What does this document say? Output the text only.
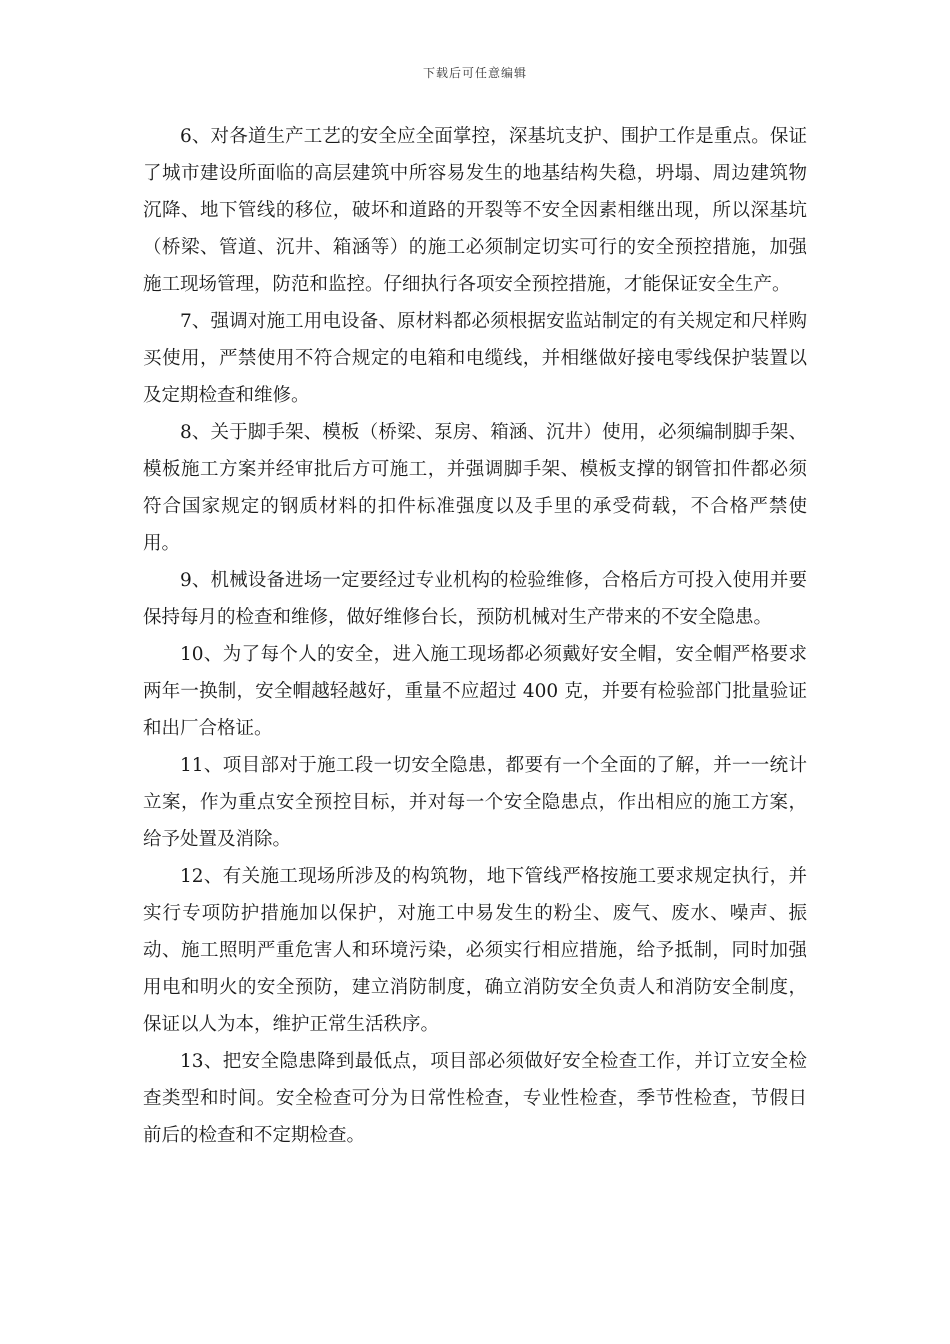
下载后可任意编辑

6、对各道生产工艺的安全应全面掌控，深基坑支护、围护工作是重点。保证了城市建设所面临的高层建筑中所容易发生的地基结构失稳，坍塌、周边建筑物沉降、地下管线的移位，破坏和道路的开裂等不安全因素相继出现，所以深基坑（桥梁、管道、沉井、箱涵等）的施工必须制定切实可行的安全预控措施，加强施工现场管理，防范和监控。仔细执行各项安全预控措施，才能保证安全生产。

7、强调对施工用电设备、原材料都必须根据安监站制定的有关规定和尺样购买使用，严禁使用不符合规定的电箱和电缆线，并相继做好接电零线保护装置以及定期检查和维修。

8、关于脚手架、模板（桥梁、泵房、箱涵、沉井）使用，必须编制脚手架、模板施工方案并经审批后方可施工，并强调脚手架、模板支撑的钢管扣件都必须符合国家规定的钢质材料的扣件标准强度以及手里的承受荷载，不合格严禁使用。

9、机械设备进场一定要经过专业机构的检验维修，合格后方可投入使用并要保持每月的检查和维修，做好维修台长，预防机械对生产带来的不安全隐患。

10、为了每个人的安全，进入施工现场都必须戴好安全帽，安全帽严格要求两年一换制，安全帽越轻越好，重量不应超过 400 克，并要有检验部门批量验证和出厂合格证。

11、项目部对于施工段一切安全隐患，都要有一个全面的了解，并一一统计立案，作为重点安全预控目标，并对每一个安全隐患点，作出相应的施工方案，给予处置及消除。

12、有关施工现场所涉及的构筑物，地下管线严格按施工要求规定执行，并实行专项防护措施加以保护，对施工中易发生的粉尘、废气、废水、噪声、振动、施工照明严重危害人和环境污染，必须实行相应措施，给予抵制，同时加强用电和明火的安全预防，建立消防制度，确立消防安全负责人和消防安全制度，保证以人为本，维护正常生活秩序。

13、把安全隐患降到最低点，项目部必须做好安全检查工作，并订立安全检查类型和时间。安全检查可分为日常性检查，专业性检查，季节性检查，节假日前后的检查和不定期检查。
